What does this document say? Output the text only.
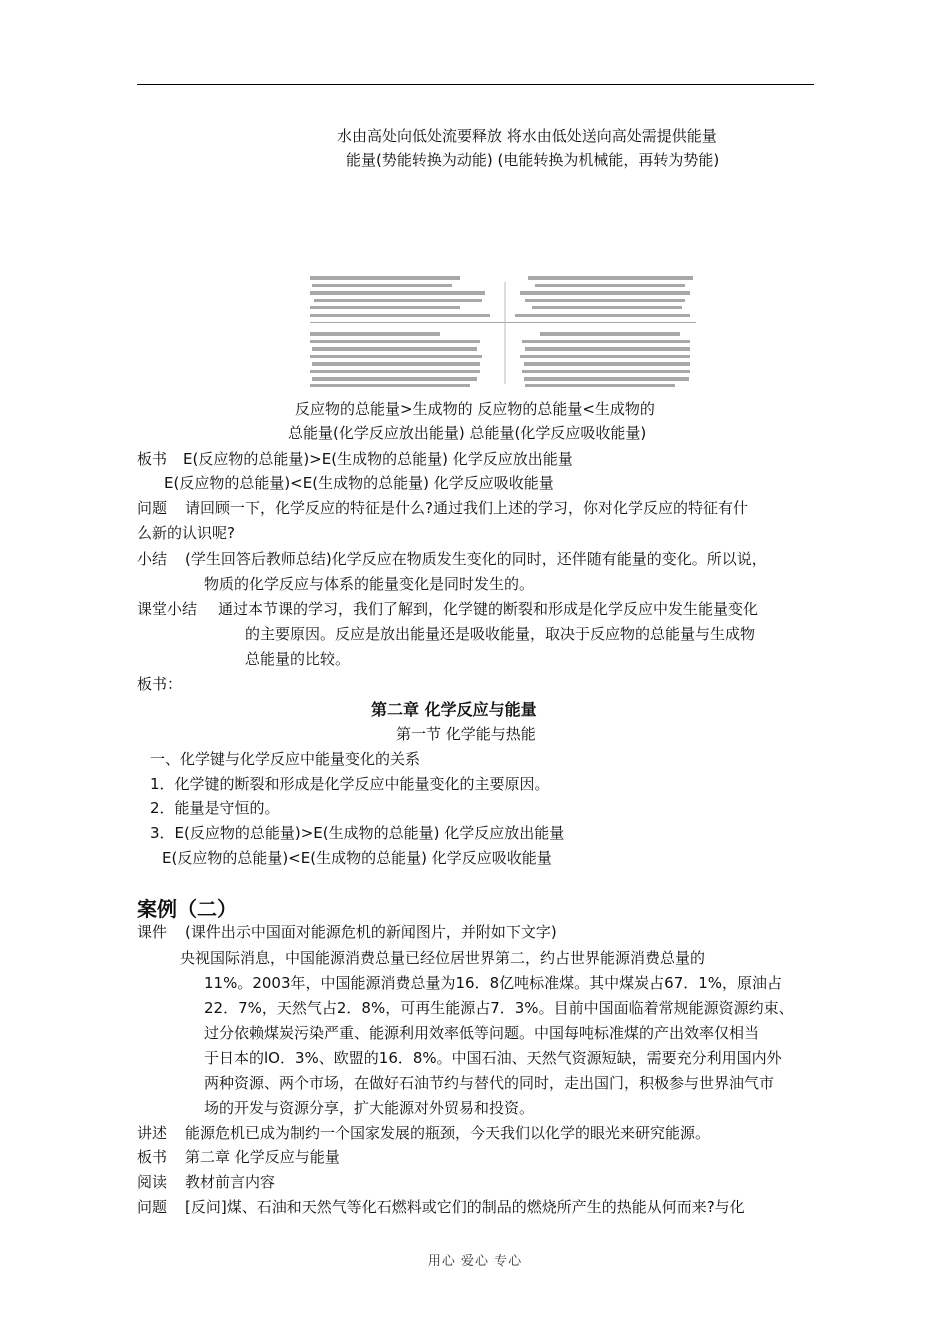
水由高处向低处流要释放 将水由低处送向高处需提供能量
能量(势能转换为动能) (电能转换为机械能，再转为势能)
反应物的总能量>生成物的 反应物的总能量<生成物的
总能量(化学反应放出能量) 总能量(化学反应吸收能量)
板书 E(反应物的总能量)>E(生成物的总能量) 化学反应放出能量
E(反应物的总能量)<E(生成物的总能量) 化学反应吸收能量
问题 请回顾一下，化学反应的特征是什么?通过我们上述的学习，你对化学反应的特征有什
么新的认识呢?
小结 (学生回答后教师总结)化学反应在物质发生变化的同时，还伴随有能量的变化。所以说，
物质的化学反应与体系的能量变化是同时发生的。
课堂小结 通过本节课的学习，我们了解到，化学键的断裂和形成是化学反应中发生能量变化
的主要原因。反应是放出能量还是吸收能量，取决于反应物的总能量与生成物
总能量的比较。
板书：
第二章 化学反应与能量
第一节 化学能与热能
一、化学键与化学反应中能量变化的关系
1．化学键的断裂和形成是化学反应中能量变化的主要原因。
2．能量是守恒的。
3．E(反应物的总能量)>E(生成物的总能量) 化学反应放出能量
E(反应物的总能量)<E(生成物的总能量) 化学反应吸收能量
案例（二）
课件 (课件出示中国面对能源危机的新闻图片，并附如下文字)
央视国际消息，中国能源消费总量已经位居世界第二，约占世界能源消费总量的
11%。2003年，中国能源消费总量为16．8亿吨标准煤。其中煤炭占67．1%，原油占
22．7%，天然气占2．8%，可再生能源占7．3%。目前中国面临着常规能源资源约束、
过分依赖煤炭污染严重、能源利用效率低等问题。中国每吨标准煤的产出效率仅相当
于日本的lO．3%、欧盟的16．8%。中国石油、天然气资源短缺，需要充分利用国内外
两种资源、两个市场，在做好石油节约与替代的同时，走出国门，积极参与世界油气市
场的开发与资源分享，扩大能源对外贸易和投资。
讲述 能源危机已成为制约一个国家发展的瓶颈，今天我们以化学的眼光来研究能源。
板书 第二章 化学反应与能量
阅读 教材前言内容
问题 [反问]煤、石油和天然气等化石燃料或它们的制品的燃烧所产生的热能从何而来?与化
用心 爱心 专心
